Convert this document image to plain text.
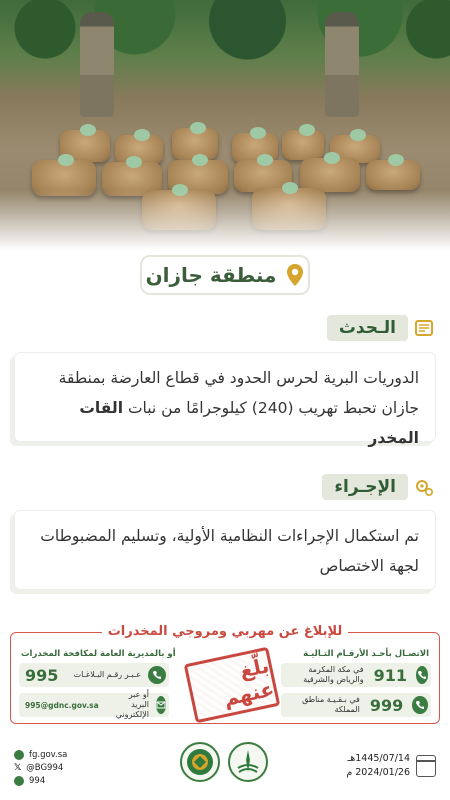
منطقة جازان
الـحدث
الدوريات البرية لحرس الحدود في قطاع العارضة بمنطقة جازان تحبط تهريب (240) كيلوجرامًا من نبات القات المخدر
الإجـراء
تم استكمال الإجراءات النظامية الأولية، وتسليم المضبوطات لجهة الاختصاص
للإبلاغ عن مهربي ومروجي المخدرات
الاتصـال بأحـد الأرقـام التـاليـة
أو بالمديرية العامة لمكافحة المخدرات
911
في مكة المكرمة والرياض والشرقية
999
في بـقـيـة مناطق المملكة
بلّغ عنهم
عـبـر رقـم البـلاغـات
995
أو عبر البريد الإلكتروني
995@gdnc.gov.sa
fg.gov.sa
𝕏 @BG994
994
1445/07/14هـ
2024/01/26 م
